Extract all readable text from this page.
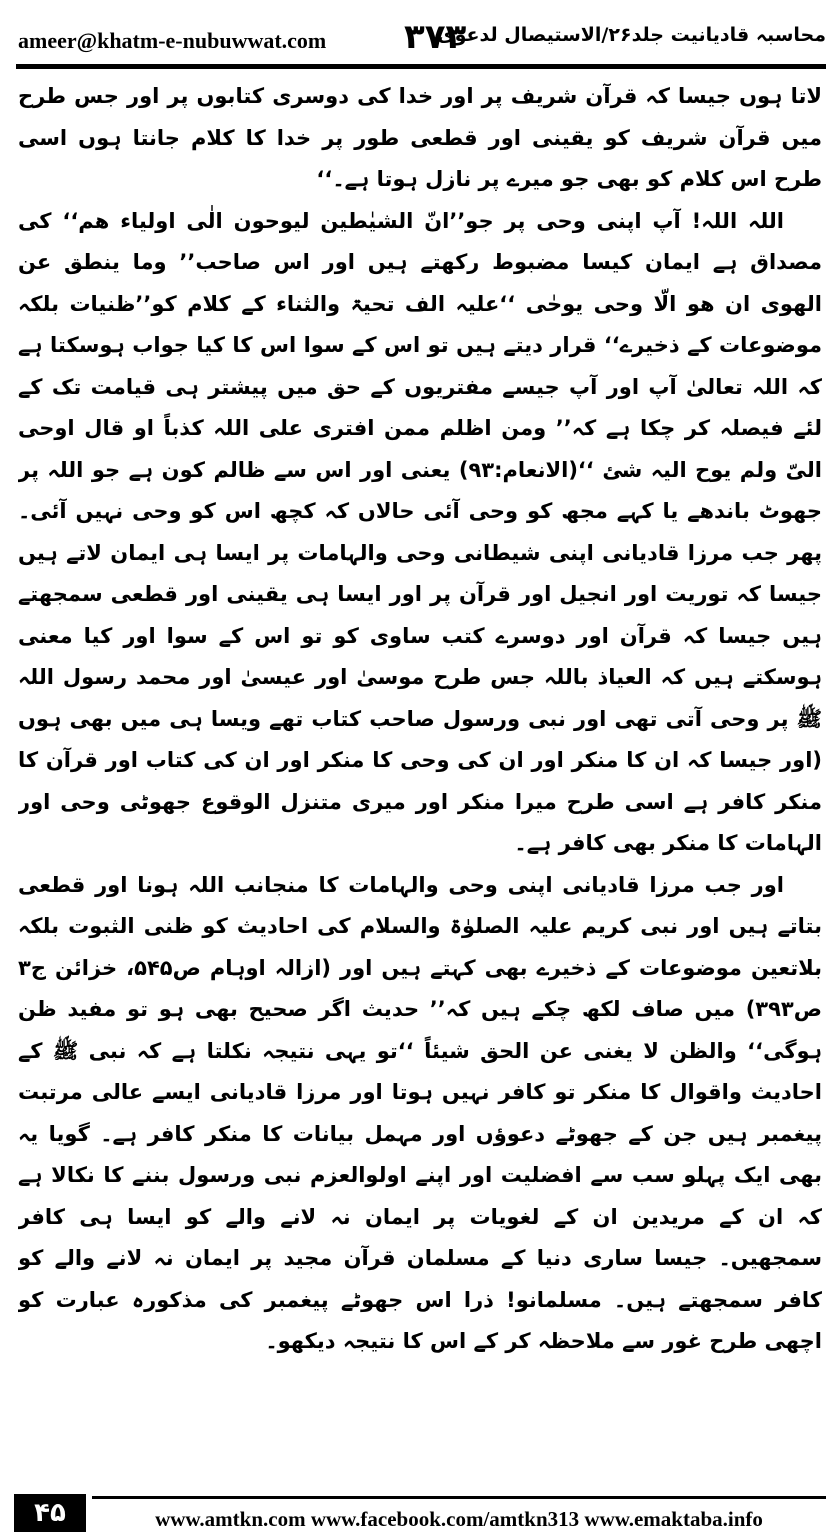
ameer@khatm-e-nubuwwat.com ۳۷۳
محاسبہ قادیانیت جلد۲۶/الاستیصال لدعوی

لاتا ہوں جیسا کہ قرآن شریف پر اور خدا کی دوسری کتابوں پر اور جس طرح میں قرآن شریف کو یقینی اور قطعی طور پر خدا کا کلام جانتا ہوں اسی طرح اس کلام کو بھی جو میرے پر نازل ہوتا ہے۔‘‘

اللہ اللہ! آپ اپنی وحی پر جو’’انّ الشیٰطین لیوحون الٰی اولیاء ھم‘‘ کی مصداق ہے ایمان کیسا مضبوط رکھتے ہیں اور اس صاحب’’ وما ینطق عن الھوی ان ھو الّا وحی یوحٰی ‘‘علیہ الف تحیۃ والثناء کے کلام کو’’ظنیات بلکہ موضوعات کے ذخیرے‘‘ قرار دیتے ہیں تو اس کے سوا اس کا کیا جواب ہوسکتا ہے کہ اللہ تعالیٰ آپ اور آپ جیسے مفتریوں کے حق میں پیشتر ہی قیامت تک کے لئے فیصلہ کر چکا ہے کہ’’ ومن اظلم ممن افتری علی اللہ کذباً او قال اوحی الیّ ولم یوح الیہ شئ ‘‘(الانعام:۹۳) یعنی اور اس سے ظالم کون ہے جو اللہ پر جھوٹ باندھے یا کہے مجھ کو وحی آئی حالاں کہ کچھ اس کو وحی نہیں آئی۔ پھر جب مرزا قادیانی اپنی شیطانی وحی والہامات پر ایسا ہی ایمان لاتے ہیں جیسا کہ توریت اور انجیل اور قرآن پر اور ایسا ہی یقینی اور قطعی سمجھتے ہیں جیسا کہ قرآن اور دوسرے کتب ساوی کو تو اس کے سوا اور کیا معنی ہوسکتے ہیں کہ العیاذ باللہ جس طرح موسیٰ اور عیسیٰ اور محمد رسول اللہ ﷺ پر وحی آتی تھی اور نبی ورسول صاحب کتاب تھے ویسا ہی میں بھی ہوں (اور جیسا کہ ان کا منکر اور ان کی وحی کا منکر اور ان کی کتاب اور قرآن کا منکر کافر ہے اسی طرح میرا منکر اور میری متنزل الوقوع جھوٹی وحی اور الہامات کا منکر بھی کافر ہے۔

اور جب مرزا قادیانی اپنی وحی والہامات کا منجانب اللہ ہونا اور قطعی بتاتے ہیں اور نبی کریم علیہ الصلوٰۃ والسلام کی احادیث کو ظنی الثبوت بلکہ بلاتعین موضوعات کے ذخیرے بھی کہتے ہیں اور (ازالہ اوہام ص۵۴۵، خزائن ج۳ ص۳۹۳) میں صاف لکھ چکے ہیں کہ’’ حدیث اگر صحیح بھی ہو تو مفید ظن ہوگی‘‘ والظن لا یغنی عن الحق شیئاً ‘‘تو یہی نتیجہ نکلتا ہے کہ نبی ﷺ کے احادیث واقوال کا منکر تو کافر نہیں ہوتا اور مرزا قادیانی ایسے عالی مرتبت پیغمبر ہیں جن کے جھوٹے دعوؤں اور مہمل بیانات کا منکر کافر ہے۔ گویا یہ بھی ایک پہلو سب سے افضلیت اور اپنے اولوالعزم نبی ورسول بننے کا نکالا ہے کہ ان کے مریدین ان کے لغویات پر ایمان نہ لانے والے کو ایسا ہی کافر سمجھیں۔ جیسا ساری دنیا کے مسلمان قرآن مجید پر ایمان نہ لانے والے کو کافر سمجھتے ہیں۔ مسلمانو! ذرا اس جھوٹے پیغمبر کی مذکورہ عبارت کو اچھی طرح غور سے ملاحظہ کر کے اس کا نتیجہ دیکھو۔

۴۵	www.amtkn.com www.facebook.com/amtkn313 www.emaktaba.info
